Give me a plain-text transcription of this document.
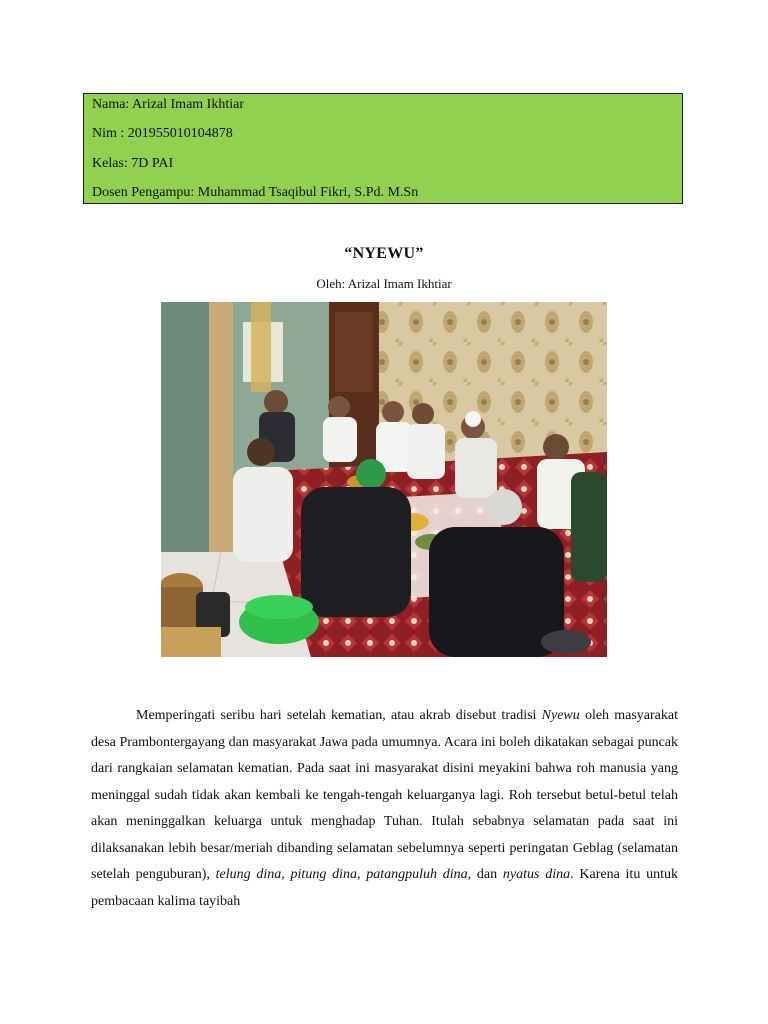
Nama: Arizal Imam Ikhtiar
Nim : 201955010104878
Kelas: 7D PAI
Dosen Pengampu: Muhammad Tsaqibul Fikri, S.Pd. M.Sn
“NYEWU”
Oleh: Arizal Imam Ikhtiar

Memperingati seribu hari setelah kematian, atau akrab disebut tradisi Nyewu oleh masyarakat desa Prambontergayang dan masyarakat Jawa pada umumnya. Acara ini boleh dikatakan sebagai puncak dari rangkaian selamatan kematian. Pada saat ini masyarakat disini meyakini bahwa roh manusia yang meninggal sudah tidak akan kembali ke tengah-tengah keluarganya lagi. Roh tersebut betul-betul telah akan meninggalkan keluarga untuk menghadap Tuhan. Itulah sebabnya selamatan pada saat ini dilaksanakan lebih besar/meriah dibanding selamatan sebelumnya seperti peringatan Geblag (selamatan setelah penguburan), telung dina, pitung dina, patangpuluh dina, dan nyatus dina. Karena itu untuk pembacaan kalima tayibah
